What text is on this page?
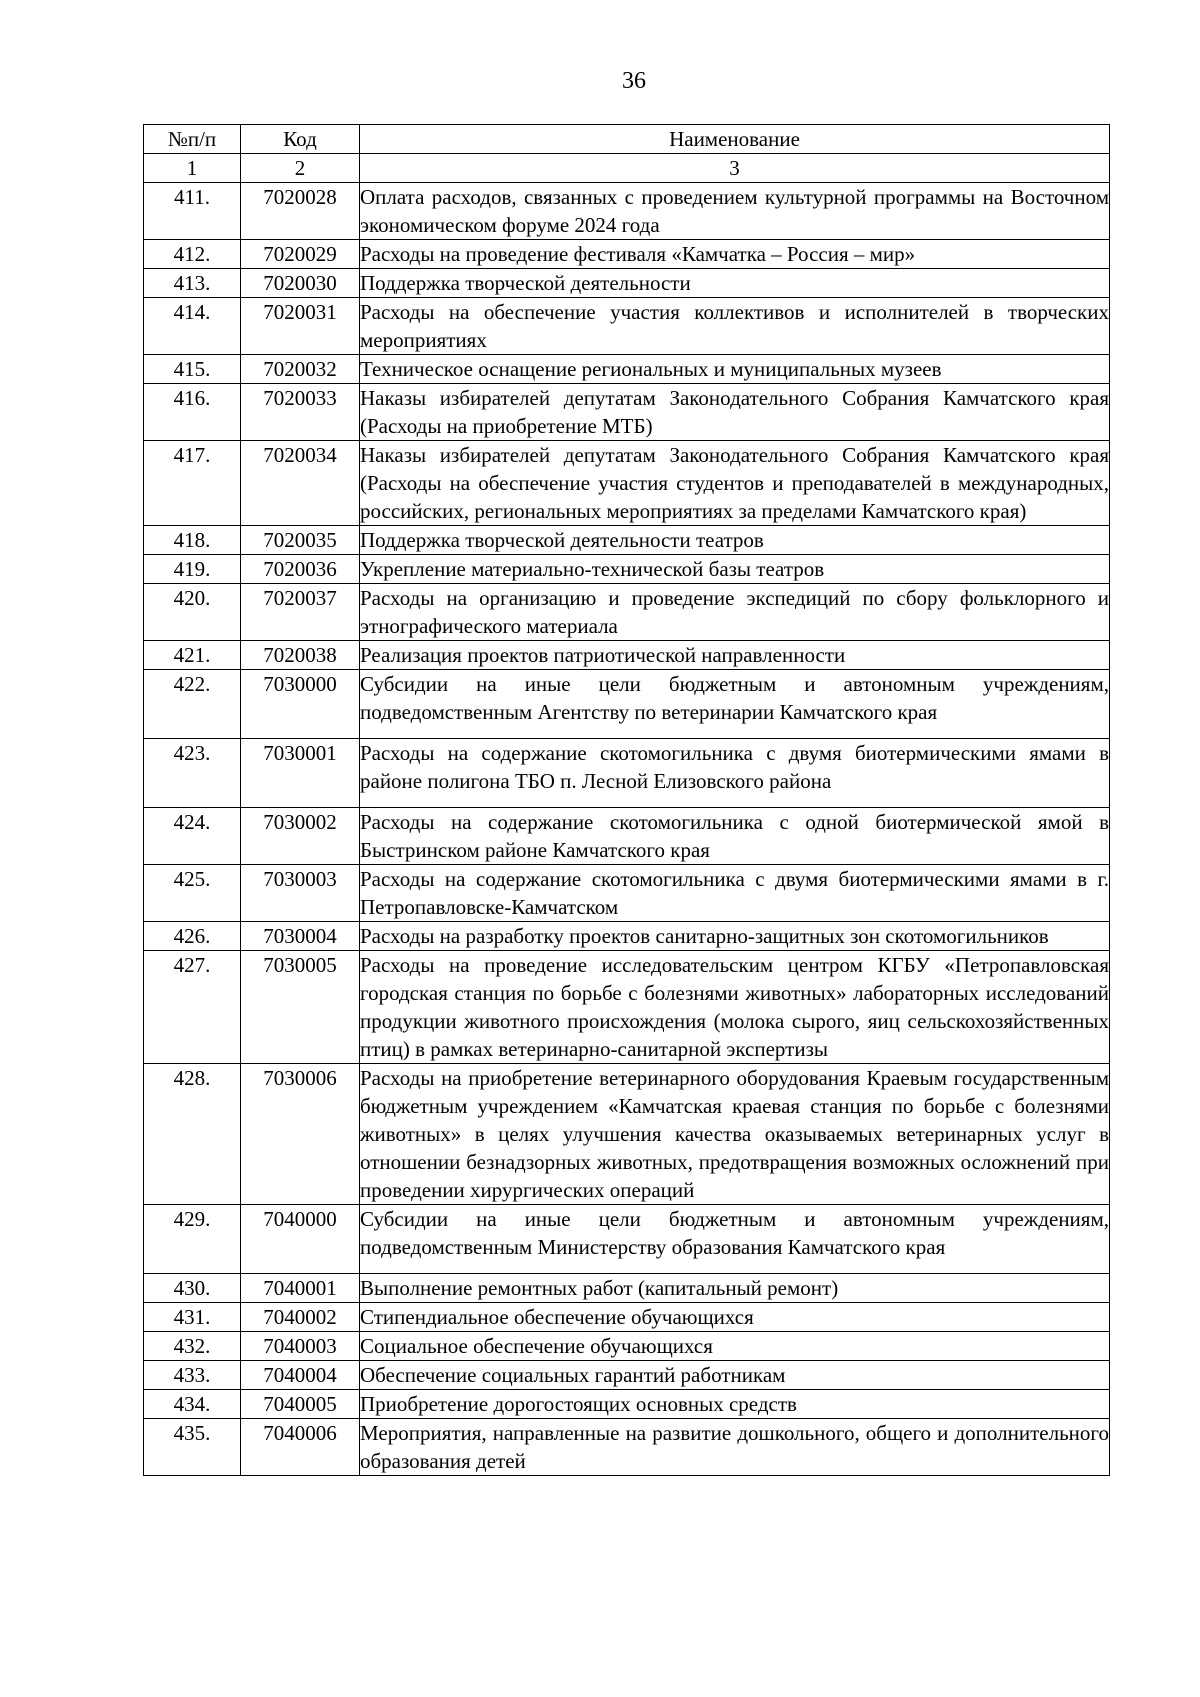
36
№п/п	Код	Наименование
1	2	3
411.	7020028	Оплата расходов, связанных с проведением культурной программы на Восточном экономическом форуме 2024 года
412.	7020029	Расходы на проведение фестиваля «Камчатка – Россия – мир»
413.	7020030	Поддержка творческой деятельности
414.	7020031	Расходы на обеспечение участия коллективов и исполнителей в творческих мероприятиях
415.	7020032	Техническое оснащение региональных и муниципальных музеев
416.	7020033	Наказы избирателей депутатам Законодательного Собрания Камчатского края (Расходы на приобретение МТБ)
417.	7020034	Наказы избирателей депутатам Законодательного Собрания Камчатского края (Расходы на обеспечение участия студентов и преподавателей в международных, российских, региональных мероприятиях за пределами Камчатского края)
418.	7020035	Поддержка творческой деятельности театров
419.	7020036	Укрепление материально-технической базы театров
420.	7020037	Расходы на организацию и проведение экспедиций по сбору фольклорного и этнографического материала
421.	7020038	Реализация проектов патриотической направленности
422.	7030000	Субсидии на иные цели бюджетным и автономным учреждениям, подведомственным Агентству по ветеринарии Камчатского края
423.	7030001	Расходы на содержание скотомогильника с двумя биотермическими ямами в районе полигона ТБО п. Лесной Елизовского района
424.	7030002	Расходы на содержание скотомогильника с одной биотермической ямой в Быстринском районе Камчатского края
425.	7030003	Расходы на содержание скотомогильника с двумя биотермическими ямами в г. Петропавловске-Камчатском
426.	7030004	Расходы на разработку проектов санитарно-защитных зон скотомогильников
427.	7030005	Расходы на проведение исследовательским центром КГБУ «Петропавловская городская станция по борьбе с болезнями животных» лабораторных исследований продукции животного происхождения (молока сырого, яиц сельскохозяйственных птиц) в рамках ветеринарно-санитарной экспертизы
428.	7030006	Расходы на приобретение ветеринарного оборудования Краевым государственным бюджетным учреждением «Камчатская краевая станция по борьбе с болезнями животных» в целях улучшения качества оказываемых ветеринарных услуг в отношении безнадзорных животных, предотвращения возможных осложнений при проведении хирургических операций
429.	7040000	Субсидии на иные цели бюджетным и автономным учреждениям, подведомственным Министерству образования Камчатского края
430.	7040001	Выполнение ремонтных работ (капитальный ремонт)
431.	7040002	Стипендиальное обеспечение обучающихся
432.	7040003	Социальное обеспечение обучающихся
433.	7040004	Обеспечение социальных гарантий работникам
434.	7040005	Приобретение дорогостоящих основных средств
435.	7040006	Мероприятия, направленные на развитие дошкольного, общего и дополнительного образования детей
